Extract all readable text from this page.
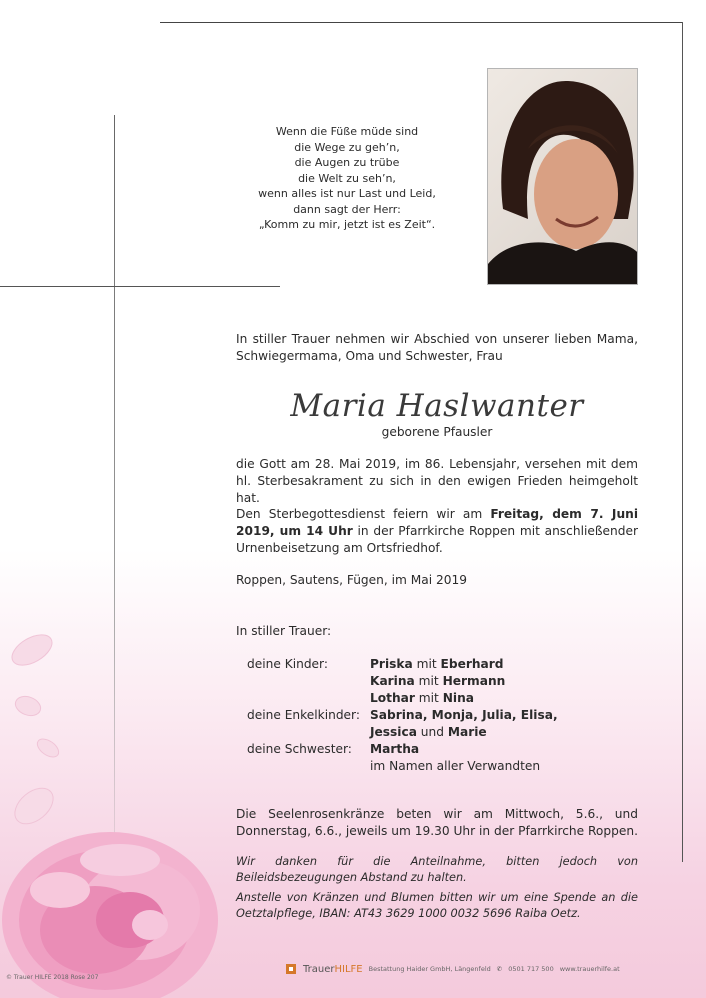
Wenn die Füße müde sind
die Wege zu geh’n,
die Augen zu trübe
die Welt zu seh’n,
wenn alles ist nur Last und Leid,
dann sagt der Herr:
„Komm zu mir, jetzt ist es Zeit“.
In stiller Trauer nehmen wir Abschied von unserer lieben Mama, Schwiegermama, Oma und Schwester, Frau
Maria Haslwanter
geborene Pfausler
die Gott am 28. Mai 2019, im 86. Lebensjahr, versehen mit dem hl. Sterbesakrament zu sich in den ewigen Frieden heimgeholt hat.
Den Sterbegottesdienst feiern wir am Freitag, dem 7. Juni 2019, um 14 Uhr in der Pfarrkirche Roppen mit anschließender Urnenbeisetzung am Ortsfriedhof.
Roppen, Sautens, Fügen, im Mai 2019
In stiller Trauer:
deine Kinder:	Priska mit Eberhard
Karina mit Hermann
Lothar mit Nina
deine Enkelkinder: Sabrina, Monja, Julia, Elisa,
Jessica und Marie
deine Schwester:	Martha
im Namen aller Verwandten
Die Seelenrosenkränze beten wir am Mittwoch, 5.6., und Donnerstag, 6.6., jeweils um 19.30 Uhr in der Pfarrkirche Roppen.
Wir danken für die Anteilnahme, bitten jedoch von Beileidsbezeugungen Abstand zu halten.
Anstelle von Kränzen und Blumen bitten wir um eine Spende an die Oetztalpflege, IBAN: AT43 3629 1000 0032 5696 Raiba Oetz.
© Trauer HILFE 2018 Rose 207
TrauerHILFE Bestattung Haider GmbH, Längenfeld ✆ 0501 717 500 www.trauerhilfe.at
